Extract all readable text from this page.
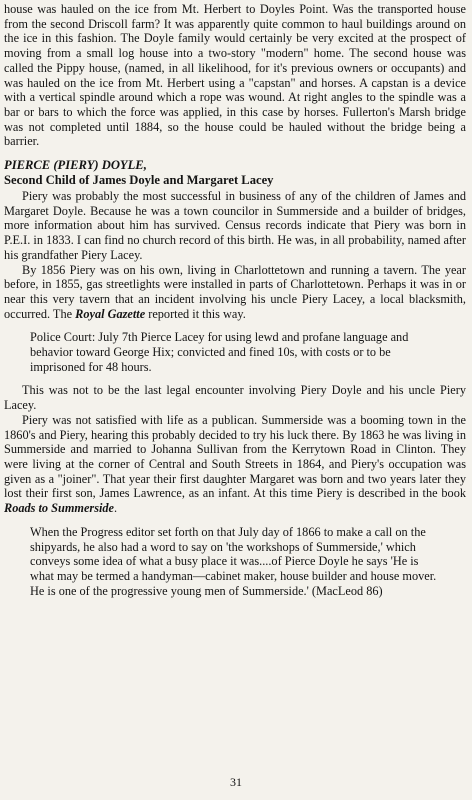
house was hauled on the ice from Mt. Herbert to Doyles Point. Was the transported house from the second Driscoll farm? It was apparently quite common to haul buildings around on the ice in this fashion. The Doyle family would certainly be very excited at the prospect of moving from a small log house into a two-story "modern" home. The second house was called the Pippy house, (named, in all likelihood, for it's previous owners or occupants) and was hauled on the ice from Mt. Herbert using a "capstan" and horses. A capstan is a device with a vertical spindle around which a rope was wound. At right angles to the spindle was a bar or bars to which the force was applied, in this case by horses. Fullerton's Marsh bridge was not completed until 1884, so the house could be hauled without the bridge being a barrier.

PIERCE (PIERY) DOYLE,

Second Child of James Doyle and Margaret Lacey

Piery was probably the most successful in business of any of the children of James and Margaret Doyle. Because he was a town councilor in Summerside and a builder of bridges, more information about him has survived. Census records indicate that Piery was born in P.E.I. in 1833. I can find no church record of this birth. He was, in all probability, named after his grandfather Piery Lacey.

By 1856 Piery was on his own, living in Charlottetown and running a tavern. The year before, in 1855, gas streetlights were installed in parts of Charlottetown. Perhaps it was in or near this very tavern that an incident involving his uncle Piery Lacey, a local blacksmith, occurred. The Royal Gazette reported it this way.

Police Court: July 7th Pierce Lacey for using lewd and profane language and behavior toward George Hix; convicted and fined 10s, with costs or to be imprisoned for 48 hours.

This was not to be the last legal encounter involving Piery Doyle and his uncle Piery Lacey.

Piery was not satisfied with life as a publican. Summerside was a booming town in the 1860's and Piery, hearing this probably decided to try his luck there. By 1863 he was living in Summerside and married to Johanna Sullivan from the Kerrytown Road in Clinton. They were living at the corner of Central and South Streets in 1864, and Piery's occupation was given as a "joiner". That year their first daughter Margaret was born and two years later they lost their first son, James Lawrence, as an infant. At this time Piery is described in the book Roads to Summerside.

When the Progress editor set forth on that July day of 1866 to make a call on the shipyards, he also had a word to say on 'the workshops of Summerside,' which conveys some idea of what a busy place it was....of Pierce Doyle he says 'He is what may be termed a handyman—cabinet maker, house builder and house mover. He is one of the progressive young men of Summerside.' (MacLeod 86)

31
